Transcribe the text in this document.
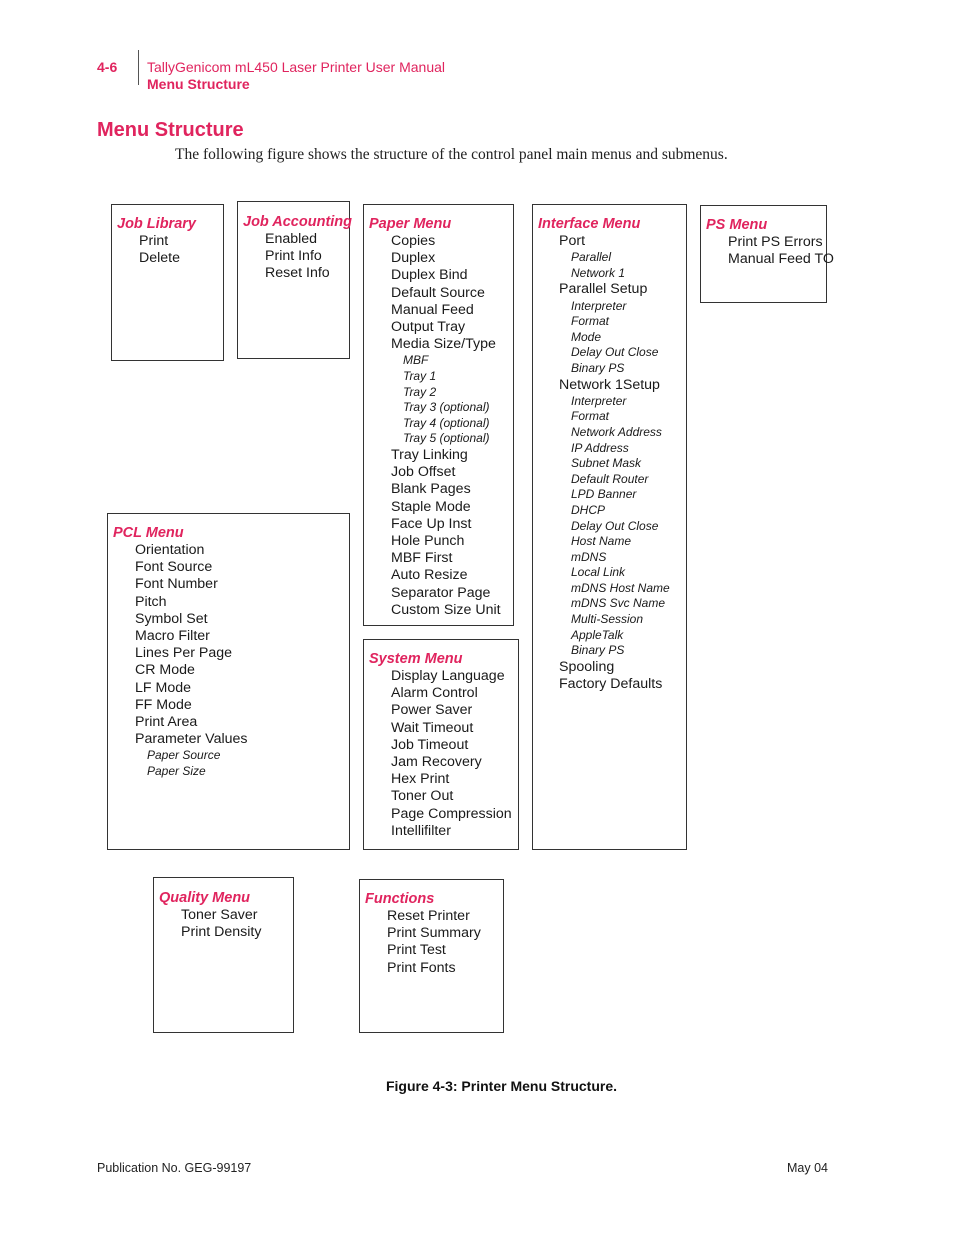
4-6 TallyGenicom mL450 Laser Printer User Manual
Menu Structure
Menu Structure
The following figure shows the structure of the control panel main menus and submenus.
Job Library
Print
Delete
Job Accounting
Enabled
Print Info
Reset Info
Paper Menu
Copies
Duplex
Duplex Bind
Default Source
Manual Feed
Output Tray
Media Size/Type
MBF
Tray 1
Tray 2
Tray 3 (optional)
Tray 4 (optional)
Tray 5 (optional)
Tray Linking
Job Offset
Blank Pages
Staple Mode
Face Up Inst
Hole Punch
MBF First
Auto Resize
Separator Page
Custom Size Unit
Interface Menu
Port
Parallel
Network 1
Parallel Setup
Interpreter
Format
Mode
Delay Out Close
Binary PS
Network 1Setup
Interpreter
Format
Network Address
IP Address
Subnet Mask
Default Router
LPD Banner
DHCP
Delay Out Close
Host Name
mDNS
Local Link
mDNS Host Name
mDNS Svc Name
Multi-Session
AppleTalk
Binary PS
Spooling
Factory Defaults
PS Menu
Print PS Errors
Manual Feed TO
PCL Menu
Orientation
Font Source
Font Number
Pitch
Symbol Set
Macro Filter
Lines Per Page
CR Mode
LF Mode
FF Mode
Print Area
Parameter Values
Paper Source
Paper Size
System Menu
Display Language
Alarm Control
Power Saver
Wait Timeout
Job Timeout
Jam Recovery
Hex Print
Toner Out
Page Compression
Intellifilter
Quality Menu
Toner Saver
Print Density
Functions
Reset Printer
Print Summary
Print Test
Print Fonts
Figure 4-3: Printer Menu Structure.
Publication No. GEG-99197	May 04
